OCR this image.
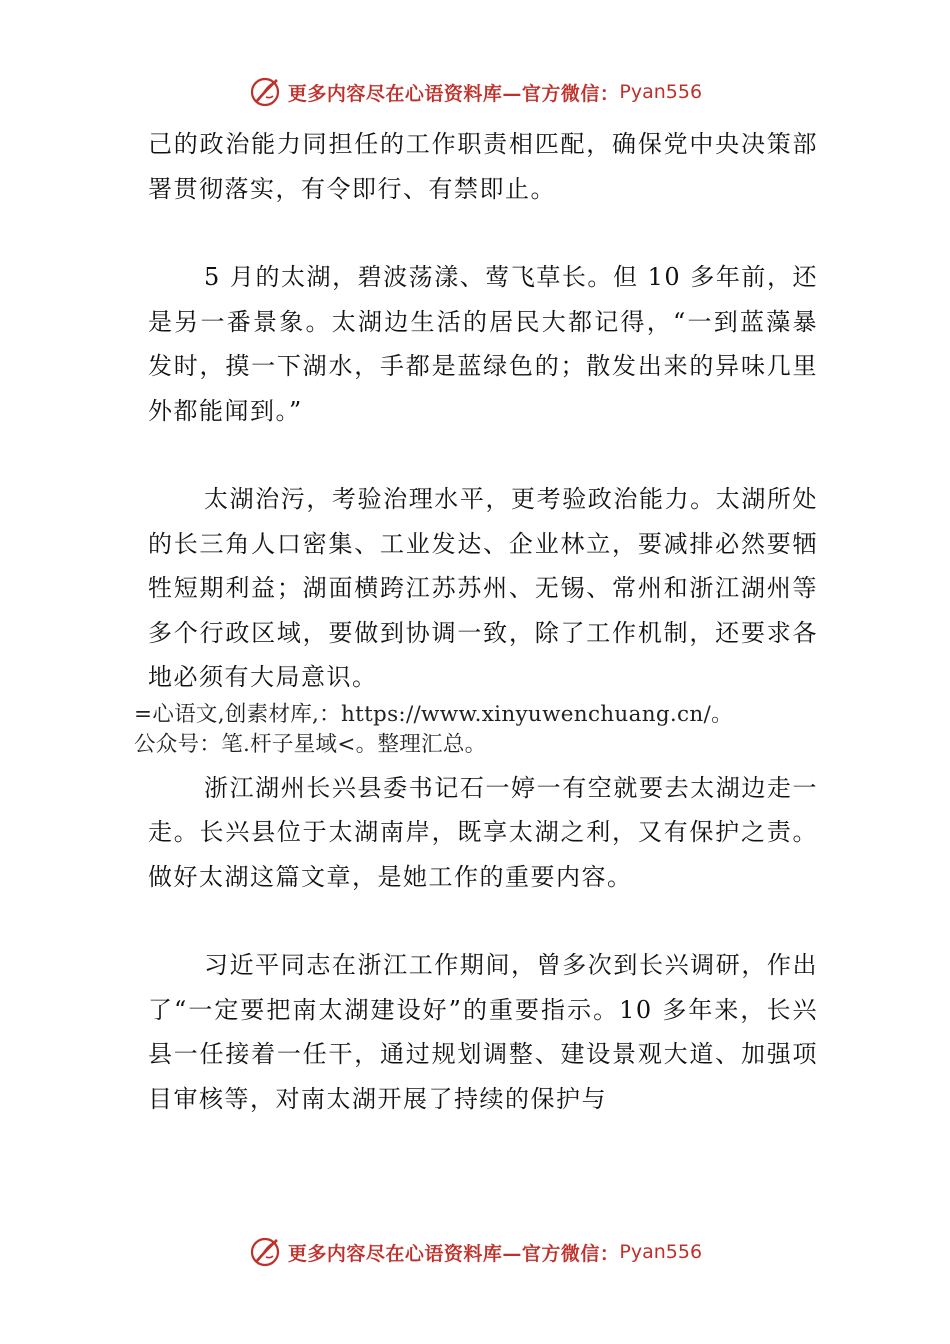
更多内容尽在心语资料库—官方微信： Pyan556

己的政治能力同担任的工作职责相匹配，确保党中央决策部署贯彻落实，有令即行、有禁即止。

5 月的太湖，碧波荡漾、莺飞草长。但 10 多年前，还是另一番景象。太湖边生活的居民大都记得，“一到蓝藻暴发时，摸一下湖水，手都是蓝绿色的；散发出来的异味几里外都能闻到。”

太湖治污，考验治理水平，更考验政治能力。太湖所处的长三角人口密集、工业发达、企业林立，要减排必然要牺牲短期利益；湖面横跨江苏苏州、无锡、常州和浙江湖州等多个行政区域，要做到协调一致，除了工作机制，还要求各地必须有大局意识。

浙江湖州长兴县委书记石一婷一有空就要去太湖边走一走。长兴县位于太湖南岸，既享太湖之利，又有保护之责。做好太湖这篇文章，是她工作的重要内容。

习近平同志在浙江工作期间，曾多次到长兴调研，作出了“一定要把南太湖建设好”的重要指示。10 多年来，长兴县一任接着一任干，通过规划调整、建设景观大道、加强项目审核等，对南太湖开展了持续的保护与

=心语文,创素材库,：https://www.xinyuwenchuang.cn/。
公众号：笔.杆子星域<。整理汇总。
更多内容尽在心语资料库—官方微信： Pyan556
